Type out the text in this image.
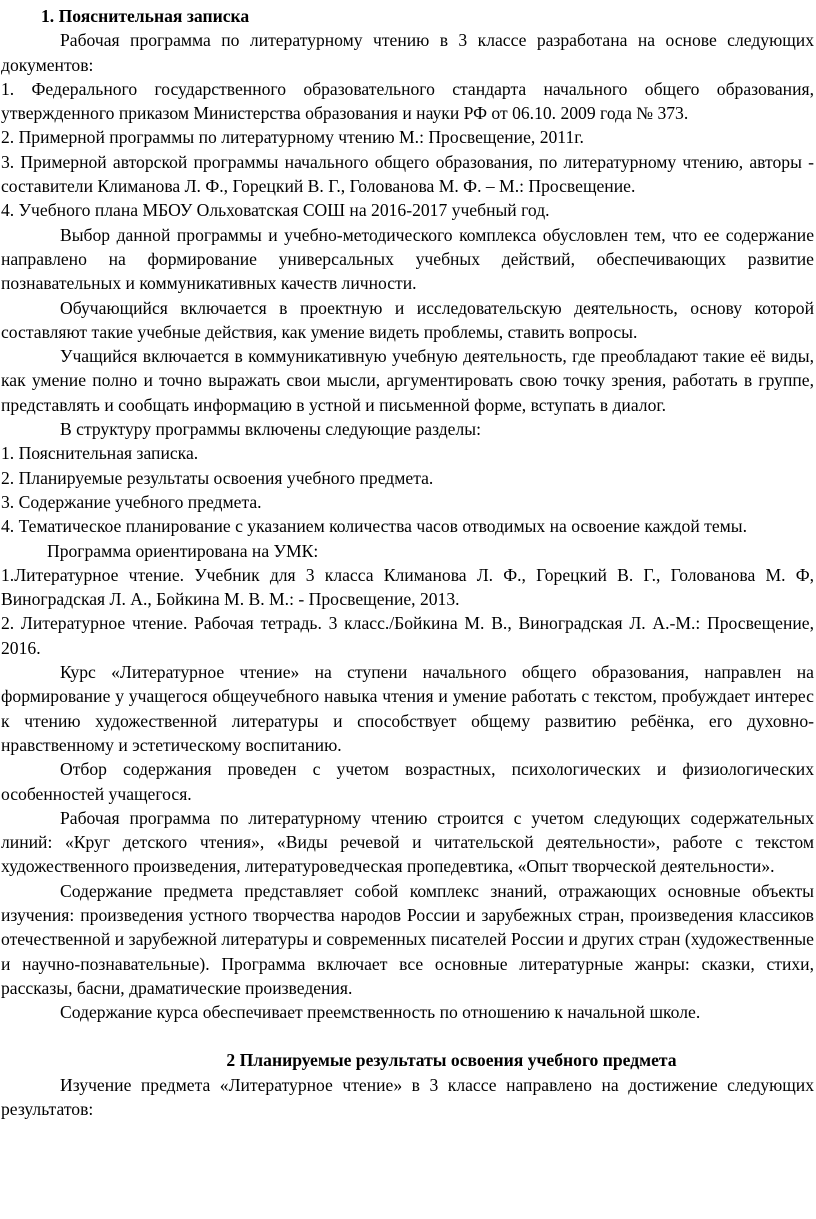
1. Пояснительная записка

Рабочая программа по литературному чтению в 3 классе разработана на основе следующих документов:

1. Федерального государственного образовательного стандарта начального общего образования, утвержденного приказом Министерства образования и науки РФ от 06.10. 2009 года № 373.

2. Примерной программы по литературному чтению М.: Просвещение, 2011г.

3. Примерной авторской программы начального общего образования, по литературному чтению, авторы - составители Климанова Л. Ф., Горецкий В. Г., Голованова М. Ф. – М.: Просвещение.

4. Учебного плана МБОУ Ольховатская СОШ на 2016-2017 учебный год.

Выбор данной программы и учебно-методического комплекса обусловлен тем, что ее содержание направлено на формирование универсальных учебных действий, обеспечивающих развитие познавательных и коммуникативных качеств личности.

Обучающийся включается в проектную и исследовательскую деятельность, основу которой составляют такие учебные действия, как умение видеть проблемы, ставить вопросы.

Учащийся включается в коммуникативную учебную деятельность, где преобладают такие её виды, как умение полно и точно выражать свои мысли, аргументировать свою точку зрения, работать в группе, представлять и сообщать информацию в устной и письменной форме, вступать в диалог.

В структуру программы включены следующие разделы:

1. Пояснительная записка.

2. Планируемые результаты освоения учебного предмета.

3. Содержание учебного предмета.

4. Тематическое планирование с указанием количества часов отводимых на освоение каждой темы.

Программа ориентирована на УМК:

1.Литературное чтение. Учебник для 3 класса Климанова Л. Ф., Горецкий В. Г., Голованова М. Ф, Виноградская Л. А., Бойкина М. В. М.: - Просвещение, 2013.

2. Литературное чтение. Рабочая тетрадь. 3 класс./Бойкина М. В., Виноградская Л. А.-М.: Просвещение, 2016.

Курс «Литературное чтение» на ступени начального общего образования, направлен на формирование у учащегося общеучебного навыка чтения и умение работать с текстом, пробуждает интерес к чтению художественной литературы и способствует общему развитию ребёнка, его духовно-нравственному и эстетическому воспитанию.

Отбор содержания проведен с учетом возрастных, психологических и физиологических особенностей учащегося.

Рабочая программа по литературному чтению строится с учетом следующих содержательных линий: «Круг детского чтения», «Виды речевой и читательской деятельности», работе с текстом художественного произведения, литературоведческая пропедевтика, «Опыт творческой деятельности».

Содержание предмета представляет собой комплекс знаний, отражающих основные объекты изучения: произведения устного творчества народов России и зарубежных стран, произведения классиков отечественной и зарубежной литературы и современных писателей России и других стран (художественные и научно-познавательные). Программа включает все основные литературные жанры: сказки, стихи, рассказы, басни, драматические произведения.

Содержание курса обеспечивает преемственность по отношению к начальной школе.

2 Планируемые результаты освоения учебного предмета

Изучение предмета «Литературное чтение» в 3 классе направлено на достижение следующих результатов:
